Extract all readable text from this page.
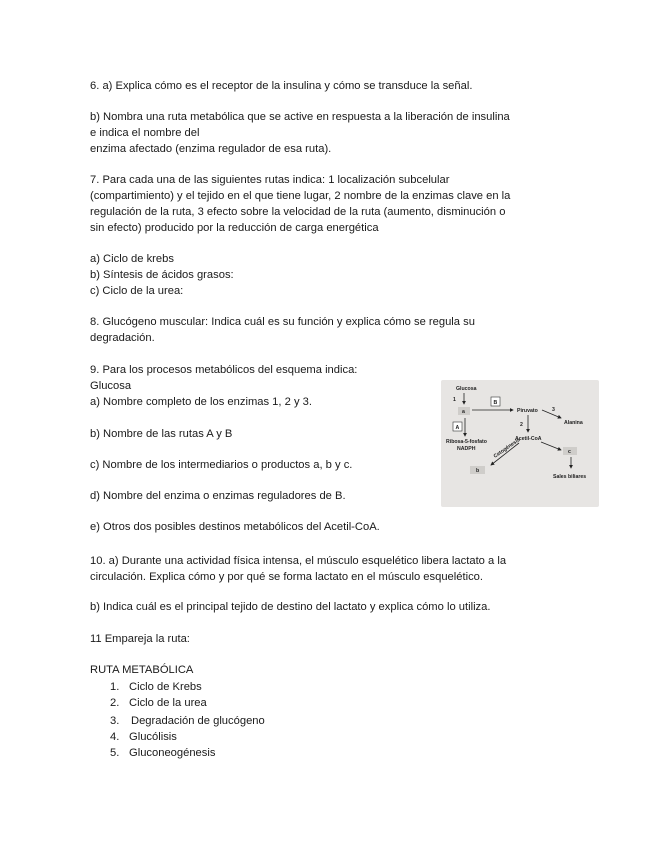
6. a) Explica cómo es el receptor de la insulina y cómo se transduce la señal.
b) Nombra una ruta metabólica que se active en respuesta a la liberación de insulina
e indica el nombre del
enzima afectado (enzima regulador de esa ruta).
7. Para cada una de las siguientes rutas indica: 1 localización subcelular
(compartimiento) y el tejido en el que tiene lugar, 2 nombre de la enzimas clave en la
regulación de la ruta, 3 efecto sobre la velocidad de la ruta (aumento, disminución o
sin efecto) producido por la reducción de carga energética
a) Ciclo de krebs
b) Síntesis de ácidos grasos:
c) Ciclo de la urea:
8. Glucógeno muscular: Indica cuál es su función y explica cómo se regula su
degradación.
9. Para los procesos metabólicos del esquema indica:
Glucosa
a) Nombre completo de los enzimas 1, 2 y 3.
b) Nombre de las rutas A y B
c) Nombre de los intermediarios o productos a, b y c.
d) Nombre del enzima o enzimas reguladores de B.
e) Otros dos posibles destinos metabólicos del Acetil-CoA.
Glucosa
1
a
B
Piruvato	3
Alanina
2
A
Ribosa-5-fosfato
NADPH
Acetil-CoA
Cetogénesis
b
c
Sales biliares
10. a) Durante una actividad física intensa, el músculo esquelético libera lactato a la
circulación. Explica cómo y por qué se forma lactato en el músculo esquelético.
b) Indica cuál es el principal tejido de destino del lactato y explica cómo lo utiliza.
11 Empareja la ruta:
RUTA METABÓLICA
1. Ciclo de Krebs
2. Ciclo de la urea
3. Degradación de glucógeno
4. Glucólisis
5. Gluconeogénesis
